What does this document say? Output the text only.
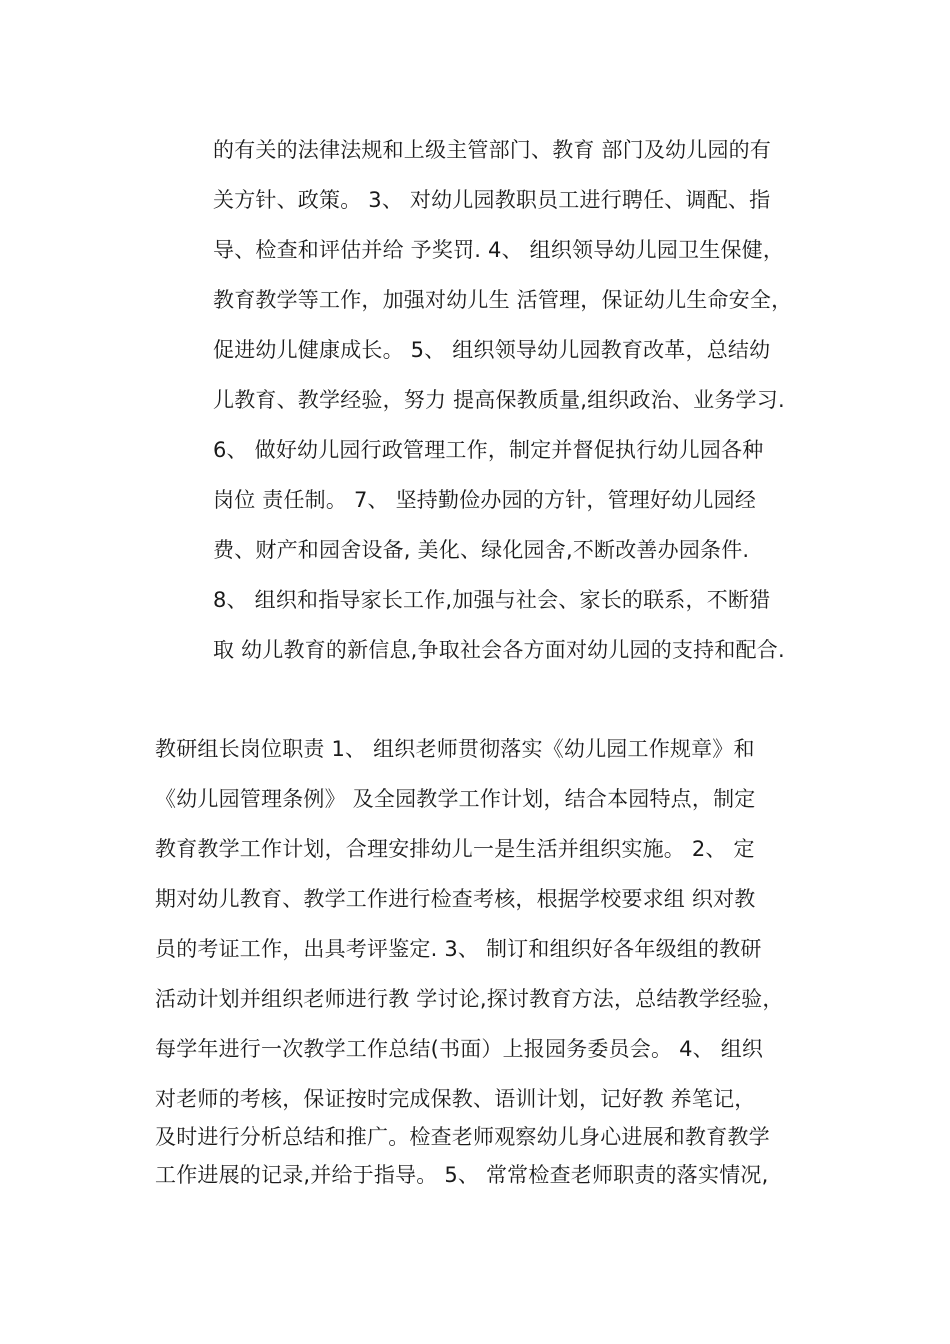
的有关的法律法规和上级主管部门、教育 部门及幼儿园的有
关方针、政策。 3、 对幼儿园教职员工进行聘任、调配、指
导、检查和评估并给 予奖罚. 4、 组织领导幼儿园卫生保健，
教育教学等工作，加强对幼儿生 活管理，保证幼儿生命安全，
促进幼儿健康成长。 5、 组织领导幼儿园教育改革，总结幼
儿教育、教学经验，努力 提高保教质量,组织政治、业务学习.
6、 做好幼儿园行政管理工作，制定并督促执行幼儿园各种
岗位 责任制。 7、 坚持勤俭办园的方针，管理好幼儿园经
费、财产和园舍设备, 美化、绿化园舍,不断改善办园条件.
8、 组织和指导家长工作,加强与社会、家长的联系，不断猎
取 幼儿教育的新信息,争取社会各方面对幼儿园的支持和配合.
教研组长岗位职责 1、 组织老师贯彻落实《幼儿园工作规章》和
《幼儿园管理条例》 及全园教学工作计划，结合本园特点，制定
教育教学工作计划，合理安排幼儿一是生活并组织实施。 2、 定
期对幼儿教育、教学工作进行检查考核，根据学校要求组 织对教
员的考证工作，出具考评鉴定. 3、 制订和组织好各年级组的教研
活动计划并组织老师进行教 学讨论,探讨教育方法，总结教学经验，
每学年进行一次教学工作总结(书面）上报园务委员会。 4、 组织
对老师的考核，保证按时完成保教、语训计划，记好教 养笔记，
及时进行分析总结和推广。检查老师观察幼儿身心进展和教育教学
工作进展的记录,并给于指导。 5、 常常检查老师职责的落实情况,
